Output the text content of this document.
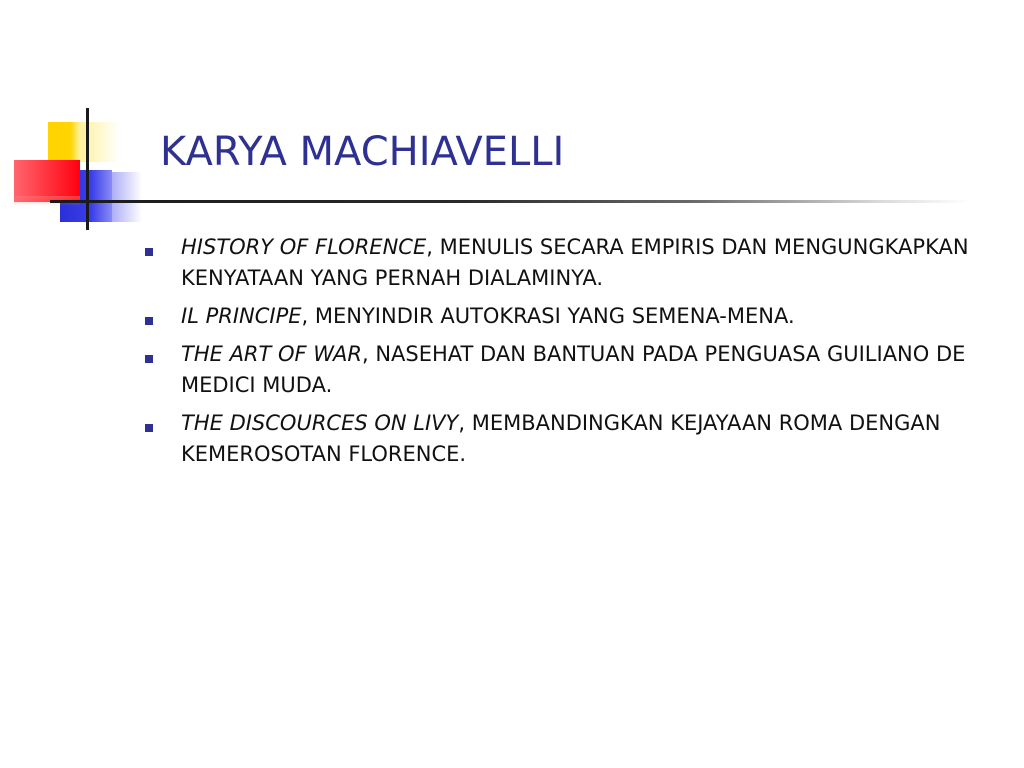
KARYA MACHIAVELLI
HISTORY OF FLORENCE, MENULIS SECARA EMPIRIS DAN MENGUNGKAPKAN KENYATAAN YANG PERNAH DIALAMINYA.
IL PRINCIPE, MENYINDIR AUTOKRASI YANG SEMENA-MENA.
THE ART OF WAR, NASEHAT DAN BANTUAN PADA PENGUASA GUILIANO DE MEDICI MUDA.
THE DISCOURCES ON LIVY, MEMBANDINGKAN KEJAYAAN ROMA DENGAN KEMEROSOTAN FLORENCE.
